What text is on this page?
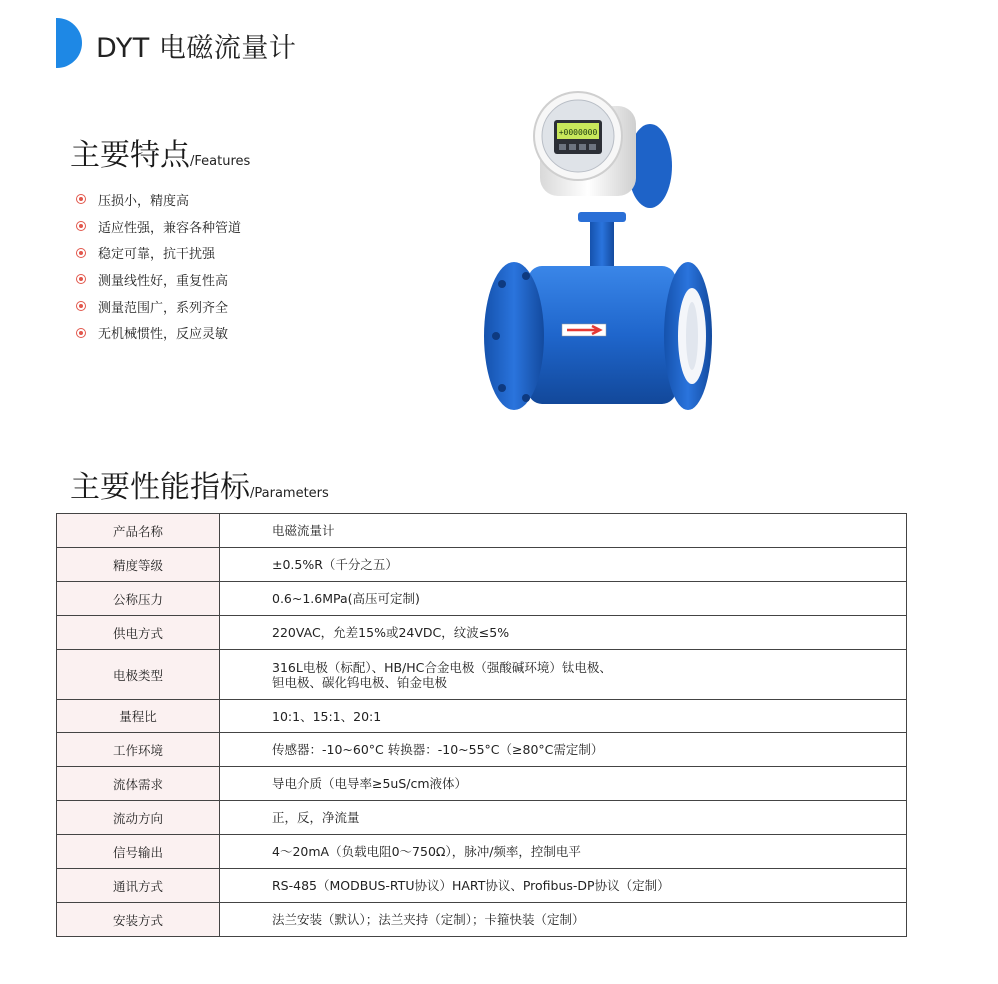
DYT 电磁流量计
主要特点/Features
压损小，精度高
适应性强，兼容各种管道
稳定可靠，抗干扰强
测量线性好，重复性高
测量范围广，系列齐全
无机械惯性，反应灵敏
+0000000
主要性能指标/Parameters
产品名称	电磁流量计
精度等级	±0.5%R（千分之五）
公称压力	0.6~1.6MPa(高压可定制)
供电方式	220VAC，允差15%或24VDC，纹波≤5%
电极类型	316L电极（标配）、HB/HC合金电极（强酸碱环境）钛电极、
钽电极、碳化钨电极、铂金电极

量程比	10:1、15:1、20:1
工作环境	传感器：-10~60°C 转换器：-10~55°C（≥80°C需定制）
流体需求	导电介质（电导率≥5uS/cm液体）
流动方向	正，反，净流量
信号输出	4～20mA（负载电阻0～750Ω），脉冲/频率，控制电平
通讯方式	RS-485（MODBUS-RTU协议）HART协议、Profibus-DP协议（定制）
安装方式	法兰安装（默认）；法兰夹持（定制）；卡箍快装（定制）
